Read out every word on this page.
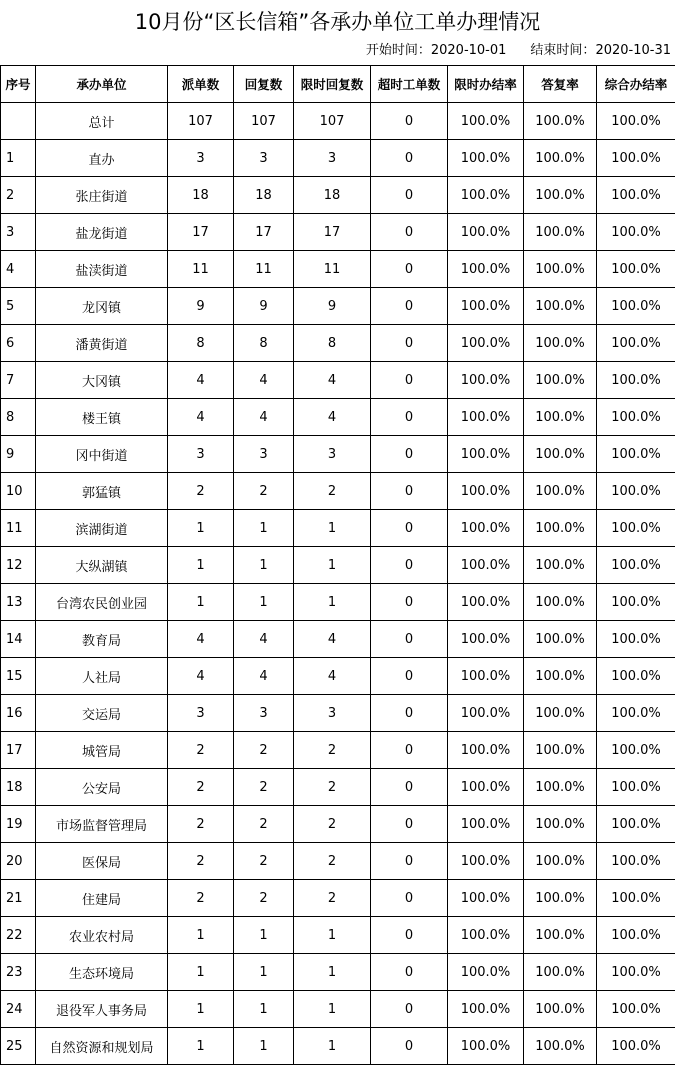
10月份“区长信箱”各承办单位工单办理情况
开始时间：2020-10-01 结束时间：2020-10-31
序号	承办单位	派单数	回复数	限时回复数	超时工单数	限时办结率	答复率	综合办结率
	总计	107	107	107	0	100.0%	100.0%	100.0%
1	直办	3	3	3	0	100.0%	100.0%	100.0%
2	张庄街道	18	18	18	0	100.0%	100.0%	100.0%
3	盐龙街道	17	17	17	0	100.0%	100.0%	100.0%
4	盐渎街道	11	11	11	0	100.0%	100.0%	100.0%
5	龙冈镇	9	9	9	0	100.0%	100.0%	100.0%
6	潘黄街道	8	8	8	0	100.0%	100.0%	100.0%
7	大冈镇	4	4	4	0	100.0%	100.0%	100.0%
8	楼王镇	4	4	4	0	100.0%	100.0%	100.0%
9	冈中街道	3	3	3	0	100.0%	100.0%	100.0%
10	郭猛镇	2	2	2	0	100.0%	100.0%	100.0%
11	滨湖街道	1	1	1	0	100.0%	100.0%	100.0%
12	大纵湖镇	1	1	1	0	100.0%	100.0%	100.0%
13	台湾农民创业园	1	1	1	0	100.0%	100.0%	100.0%
14	教育局	4	4	4	0	100.0%	100.0%	100.0%
15	人社局	4	4	4	0	100.0%	100.0%	100.0%
16	交运局	3	3	3	0	100.0%	100.0%	100.0%
17	城管局	2	2	2	0	100.0%	100.0%	100.0%
18	公安局	2	2	2	0	100.0%	100.0%	100.0%
19	市场监督管理局	2	2	2	0	100.0%	100.0%	100.0%
20	医保局	2	2	2	0	100.0%	100.0%	100.0%
21	住建局	2	2	2	0	100.0%	100.0%	100.0%
22	农业农村局	1	1	1	0	100.0%	100.0%	100.0%
23	生态环境局	1	1	1	0	100.0%	100.0%	100.0%
24	退役军人事务局	1	1	1	0	100.0%	100.0%	100.0%
25	自然资源和规划局	1	1	1	0	100.0%	100.0%	100.0%
